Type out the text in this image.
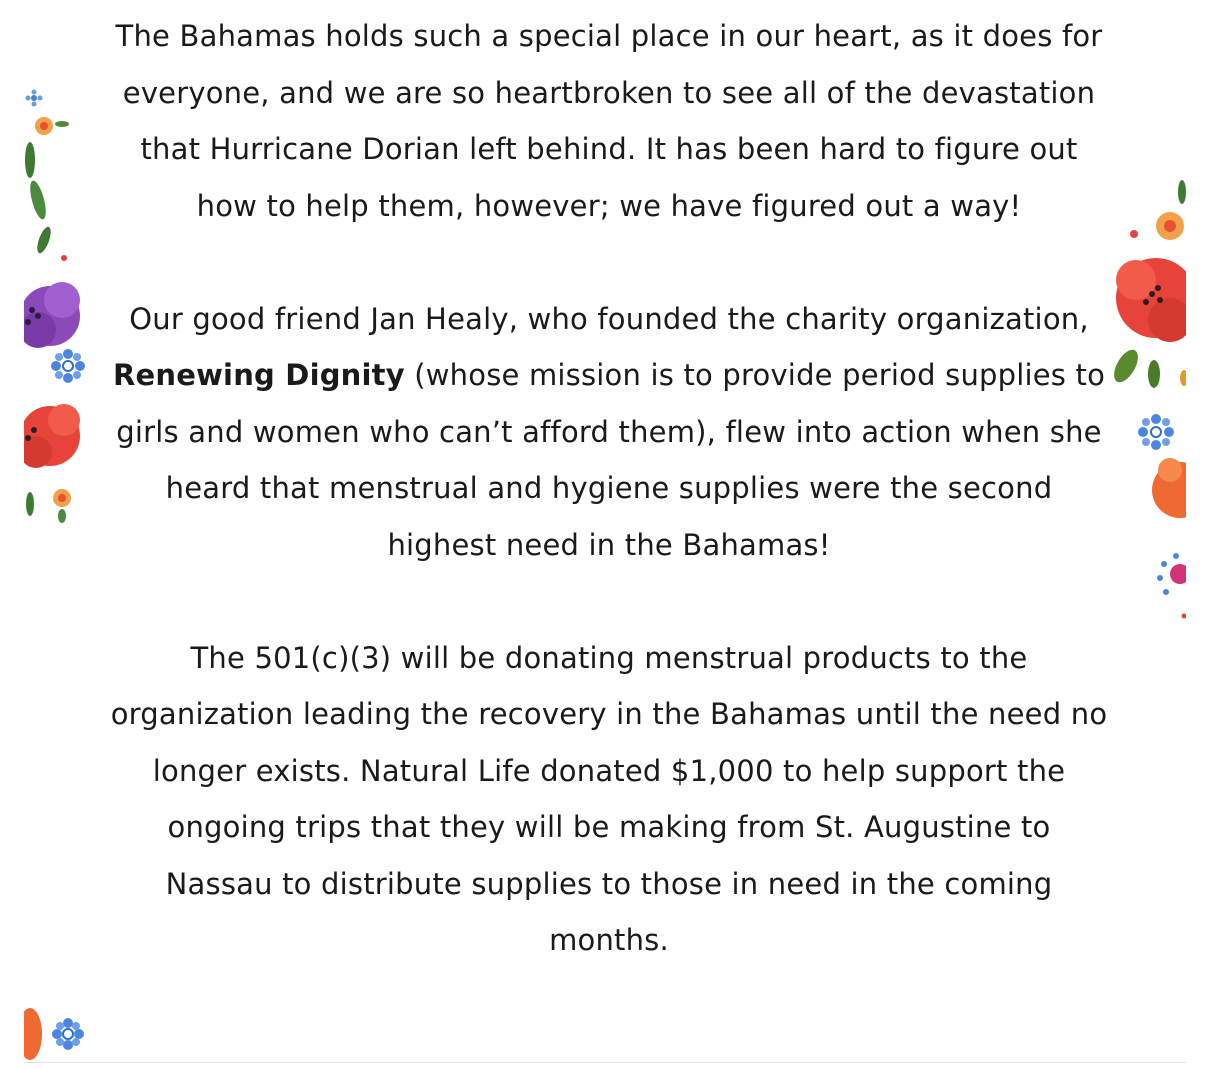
The Bahamas holds such a special place in our heart, as it does for everyone, and we are so heartbroken to see all of the devastation that Hurricane Dorian left behind. It has been hard to figure out how to help them, however; we have figured out a way!

Our good friend Jan Healy, who founded the charity organization, Renewing Dignity (whose mission is to provide period supplies to girls and women who can’t afford them), flew into action when she heard that menstrual and hygiene supplies were the second highest need in the Bahamas!

The 501(c)(3) will be donating menstrual products to the organization leading the recovery in the Bahamas until the need no longer exists. Natural Life donated $1,000 to help support the ongoing trips that they will be making from St. Augustine to Nassau to distribute supplies to those in need in the coming months.
